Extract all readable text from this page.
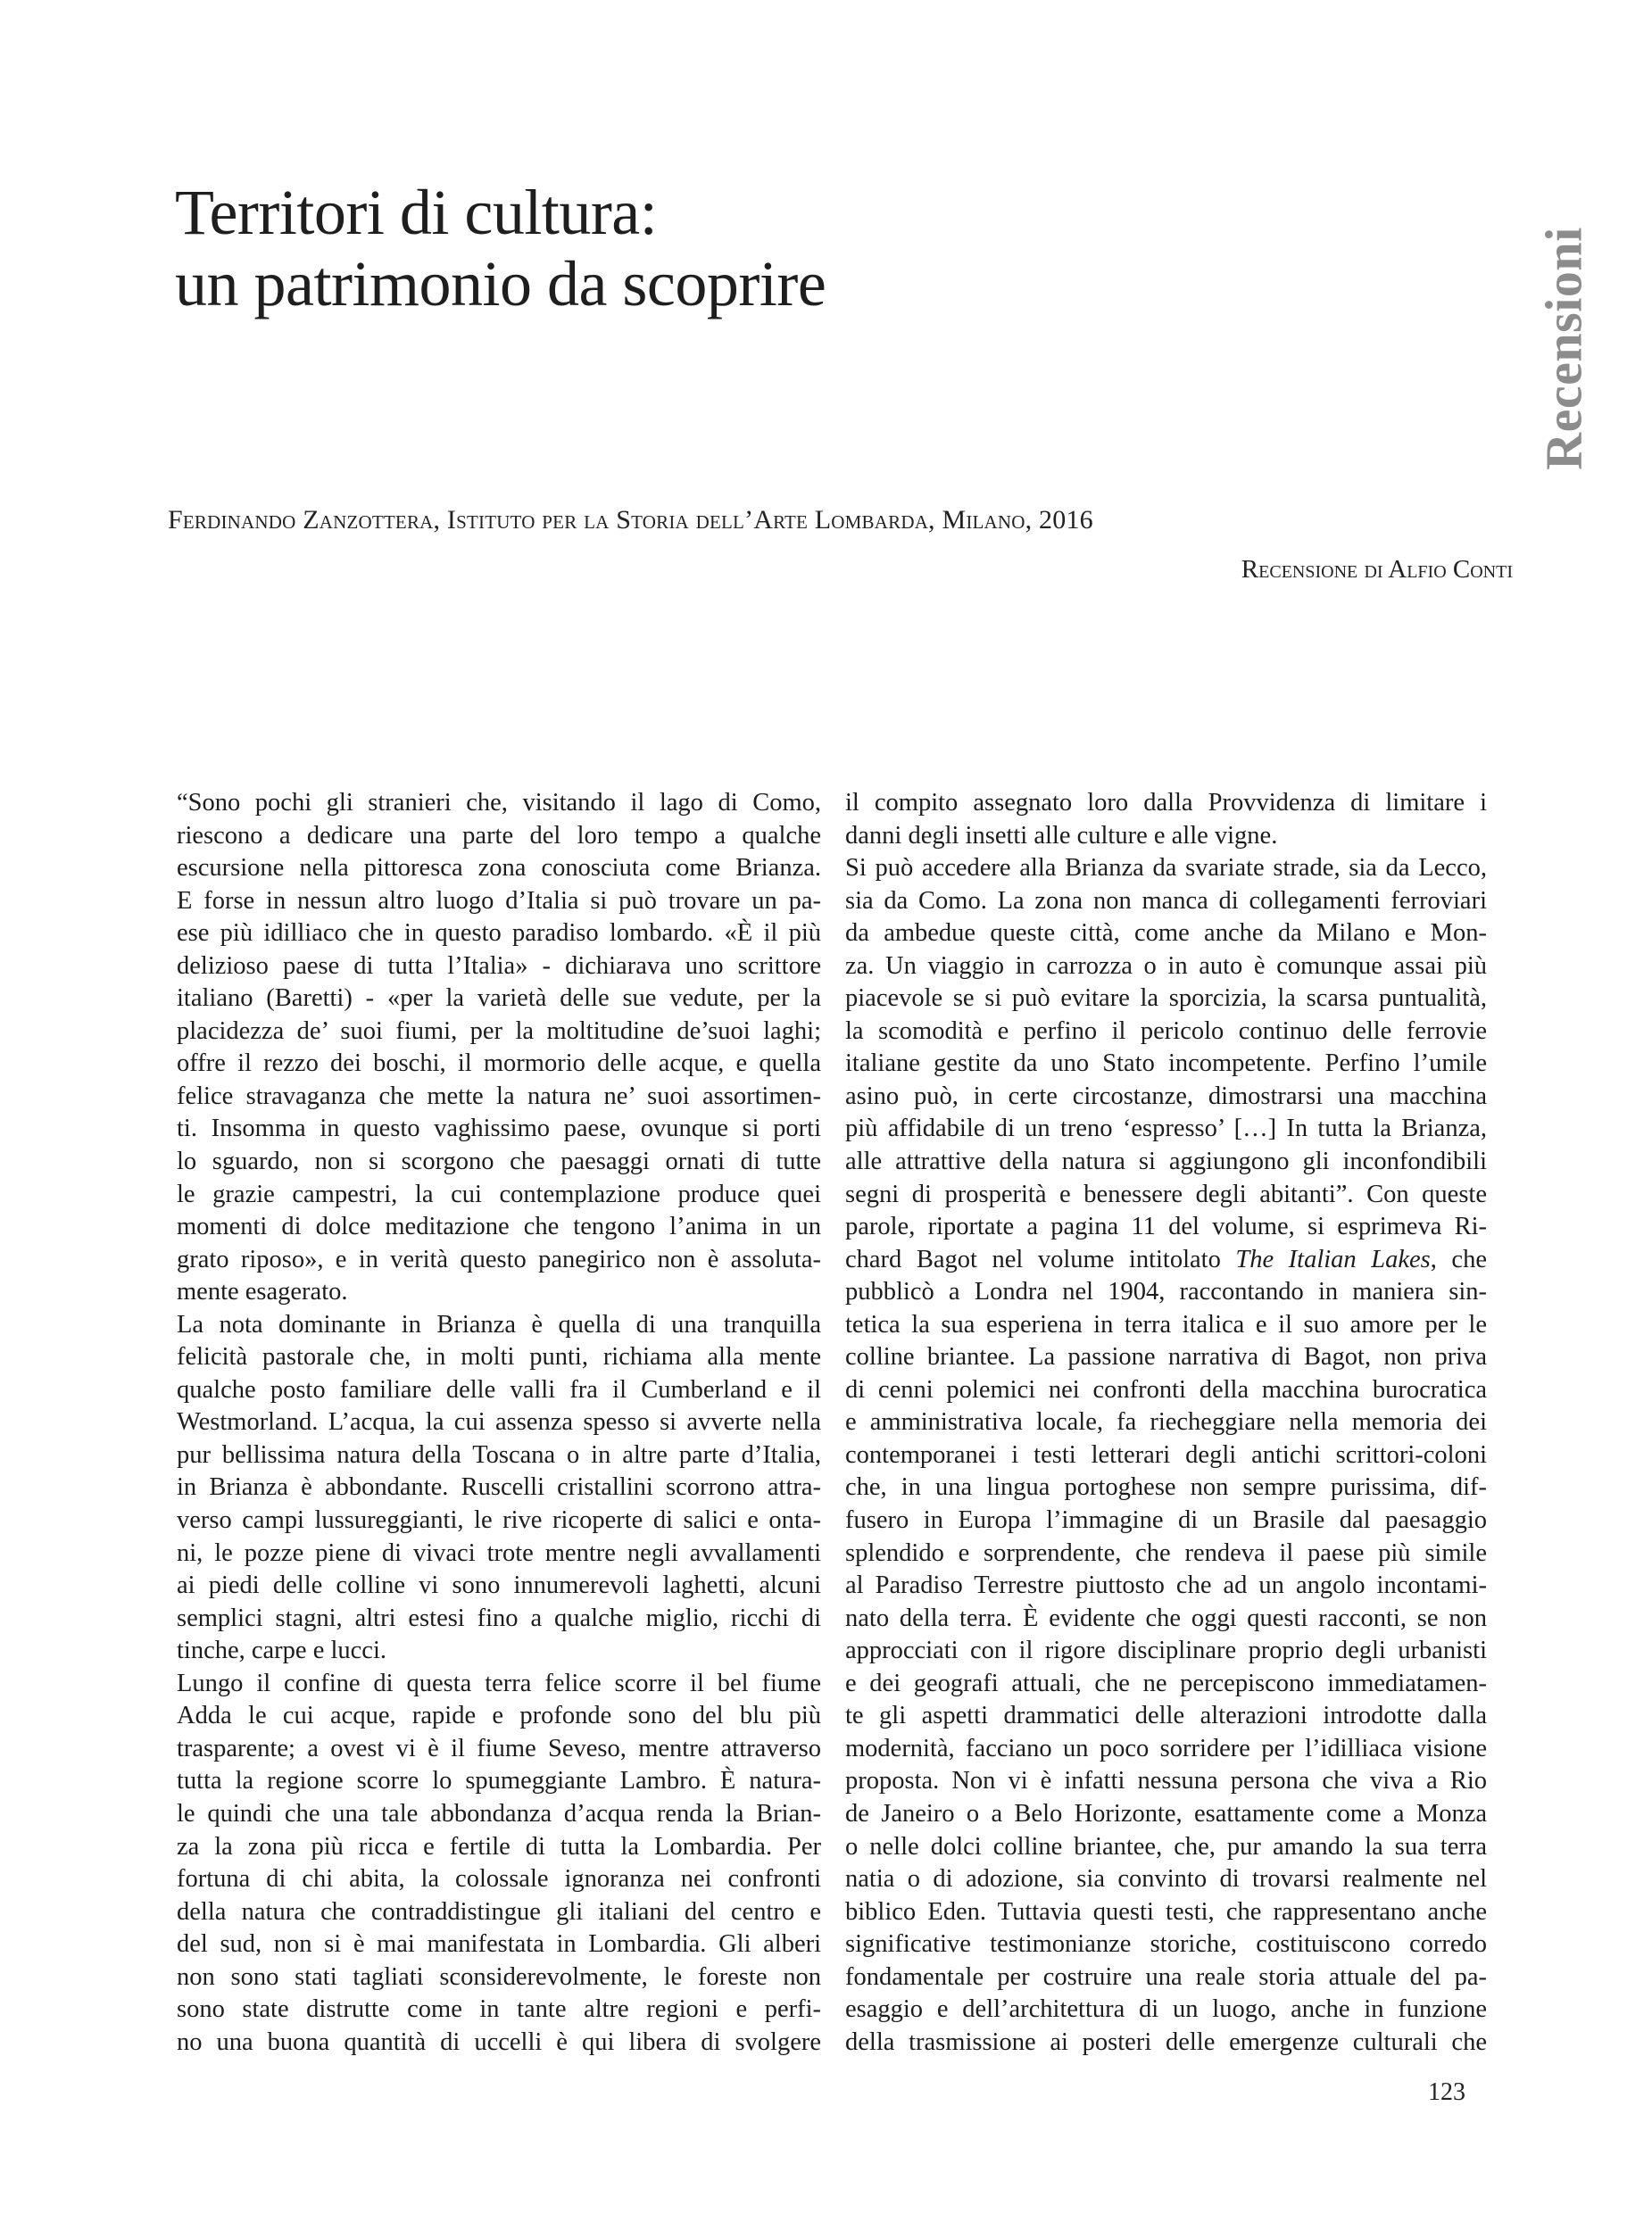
Territori di cultura:
un patrimonio da scoprire	Recensioni
Ferdinando Zanzottera, Istituto per la Storia dell’Arte Lombarda, Milano, 2016
Recensione di Alfio Conti
“Sono pochi gli stranieri che, visitando il lago di Como,
riescono a dedicare una parte del loro tempo a qualche
escursione nella pittoresca zona conosciuta come Brianza.
E forse in nessun altro luogo d’Italia si può trovare un pa-
ese più idilliaco che in questo paradiso lombardo. «È il più
delizioso paese di tutta l’Italia» - dichiarava uno scrittore
italiano (Baretti) - «per la varietà delle sue vedute, per la
placidezza de’ suoi fiumi, per la moltitudine de’suoi laghi;
offre il rezzo dei boschi, il mormorio delle acque, e quella
felice stravaganza che mette la natura ne’ suoi assortimen-
ti. Insomma in questo vaghissimo paese, ovunque si porti
lo sguardo, non si scorgono che paesaggi ornati di tutte
le grazie campestri, la cui contemplazione produce quei
momenti di dolce meditazione che tengono l’anima in un
grato riposo», e in verità questo panegirico non è assoluta-
mente esagerato.
La nota dominante in Brianza è quella di una tranquilla
felicità pastorale che, in molti punti, richiama alla mente
qualche posto familiare delle valli fra il Cumberland e il
Westmorland. L’acqua, la cui assenza spesso si avverte nella
pur bellissima natura della Toscana o in altre parte d’Italia,
in Brianza è abbondante. Ruscelli cristallini scorrono attra-
verso campi lussureggianti, le rive ricoperte di salici e onta-
ni, le pozze piene di vivaci trote mentre negli avvallamenti
ai piedi delle colline vi sono innumerevoli laghetti, alcuni
semplici stagni, altri estesi fino a qualche miglio, ricchi di
tinche, carpe e lucci.
Lungo il confine di questa terra felice scorre il bel fiume
Adda le cui acque, rapide e profonde sono del blu più
trasparente; a ovest vi è il fiume Seveso, mentre attraverso
tutta la regione scorre lo spumeggiante Lambro. È natura-
le quindi che una tale abbondanza d’acqua renda la Brian-
za la zona più ricca e fertile di tutta la Lombardia. Per
fortuna di chi abita, la colossale ignoranza nei confronti
della natura che contraddistingue gli italiani del centro e
del sud, non si è mai manifestata in Lombardia. Gli alberi
non sono stati tagliati sconsiderevolmente, le foreste non
sono state distrutte come in tante altre regioni e perfi-
no una buona quantità di uccelli è qui libera di svolgere
il compito assegnato loro dalla Provvidenza di limitare i
danni degli insetti alle culture e alle vigne.
Si può accedere alla Brianza da svariate strade, sia da Lecco,
sia da Como. La zona non manca di collegamenti ferroviari
da ambedue queste città, come anche da Milano e Mon-
za. Un viaggio in carrozza o in auto è comunque assai più
piacevole se si può evitare la sporcizia, la scarsa puntualità,
la scomodità e perfino il pericolo continuo delle ferrovie
italiane gestite da uno Stato incompetente. Perfino l’umile
asino può, in certe circostanze, dimostrarsi una macchina
più affidabile di un treno ‘espresso’ […] In tutta la Brianza,
alle attrattive della natura si aggiungono gli inconfondibili
segni di prosperità e benessere degli abitanti”. Con queste
parole, riportate a pagina 11 del volume, si esprimeva Ri-
chard Bagot nel volume intitolato The Italian Lakes, che
pubblicò a Londra nel 1904, raccontando in maniera sin-
tetica la sua esperiena in terra italica e il suo amore per le
colline briantee. La passione narrativa di Bagot, non priva
di cenni polemici nei confronti della macchina burocratica
e amministrativa locale, fa riecheggiare nella memoria dei
contemporanei i testi letterari degli antichi scrittori-coloni
che, in una lingua portoghese non sempre purissima, dif-
fusero in Europa l’immagine di un Brasile dal paesaggio
splendido e sorprendente, che rendeva il paese più simile
al Paradiso Terrestre piuttosto che ad un angolo incontami-
nato della terra. È evidente che oggi questi racconti, se non
approcciati con il rigore disciplinare proprio degli urbanisti
e dei geografi attuali, che ne percepiscono immediatamen-
te gli aspetti drammatici delle alterazioni introdotte dalla
modernità, facciano un poco sorridere per l’idilliaca visione
proposta. Non vi è infatti nessuna persona che viva a Rio
de Janeiro o a Belo Horizonte, esattamente come a Monza
o nelle dolci colline briantee, che, pur amando la sua terra
natia o di adozione, sia convinto di trovarsi realmente nel
biblico Eden. Tuttavia questi testi, che rappresentano anche
significative testimonianze storiche, costituiscono corredo
fondamentale per costruire una reale storia attuale del pa-
esaggio e dell’architettura di un luogo, anche in funzione
della trasmissione ai posteri delle emergenze culturali che
123
